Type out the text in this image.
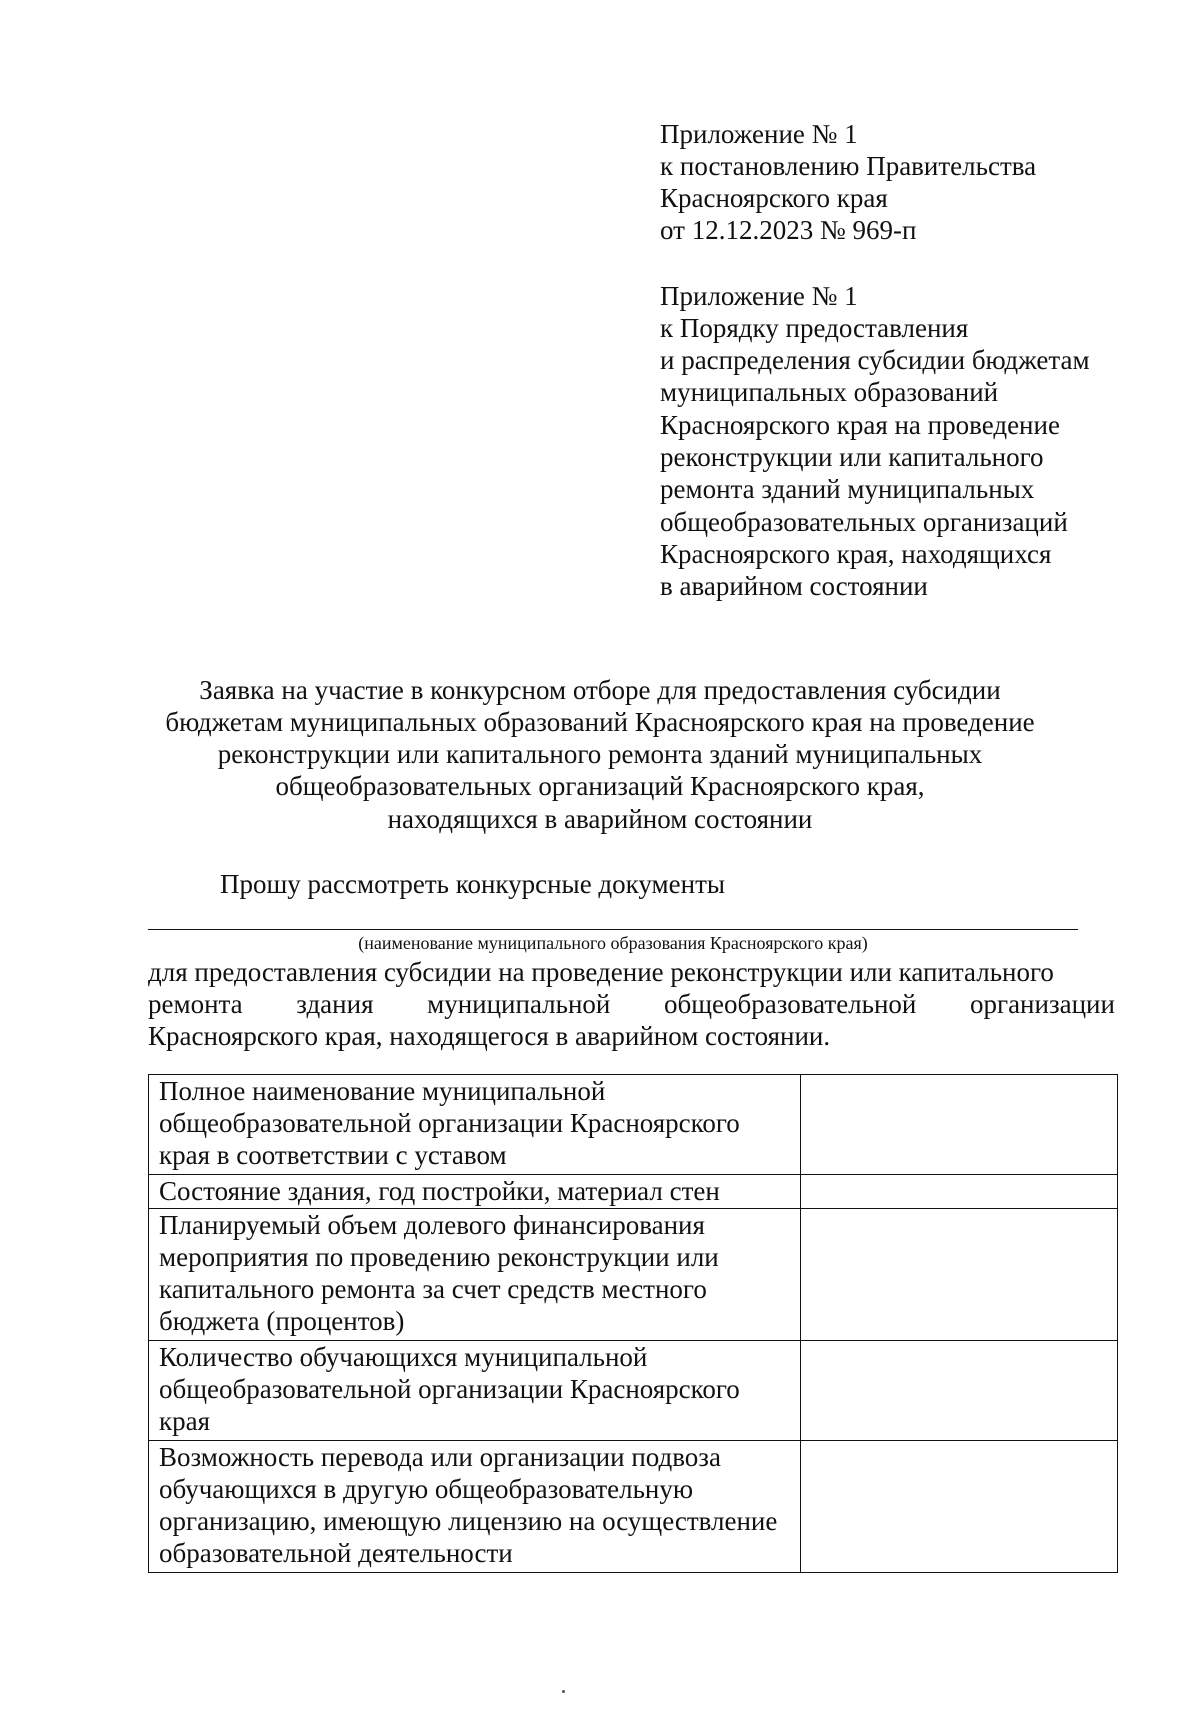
Приложение № 1
к постановлению Правительства
Красноярского края
от 12.12.2023 № 969-п
Приложение № 1
к Порядку предоставления
и распределения субсидии бюджетам
муниципальных образований
Красноярского края на проведение
реконструкции или капитального
ремонта зданий муниципальных
общеобразовательных организаций
Красноярского края, находящихся
в аварийном состоянии
Заявка на участие в конкурсном отборе для предоставления субсидии
бюджетам муниципальных образований Красноярского края на проведение
реконструкции или капитального ремонта зданий муниципальных
общеобразовательных организаций Красноярского края,
находящихся в аварийном состоянии
Прошу рассмотреть конкурсные документы
(наименование муниципального образования Красноярского края)
для предоставления субсидии на проведение реконструкции или капитального
ремонта здания муниципальной общеобразовательной организации
Красноярского края, находящегося в аварийном состоянии.
Полное наименование муниципальной общеобразовательной организации Красноярского края в соответствии с уставом	
Состояние здания, год постройки, материал стен	
Планируемый объем долевого финансирования мероприятия по проведению реконструкции или капитального ремонта за счет средств местного бюджета (процентов)	
Количество обучающихся муниципальной общеобразовательной организации Красноярского края	
Возможность перевода или организации подвоза обучающихся в другую общеобразовательную организацию, имеющую лицензию на осуществление образовательной деятельности	
